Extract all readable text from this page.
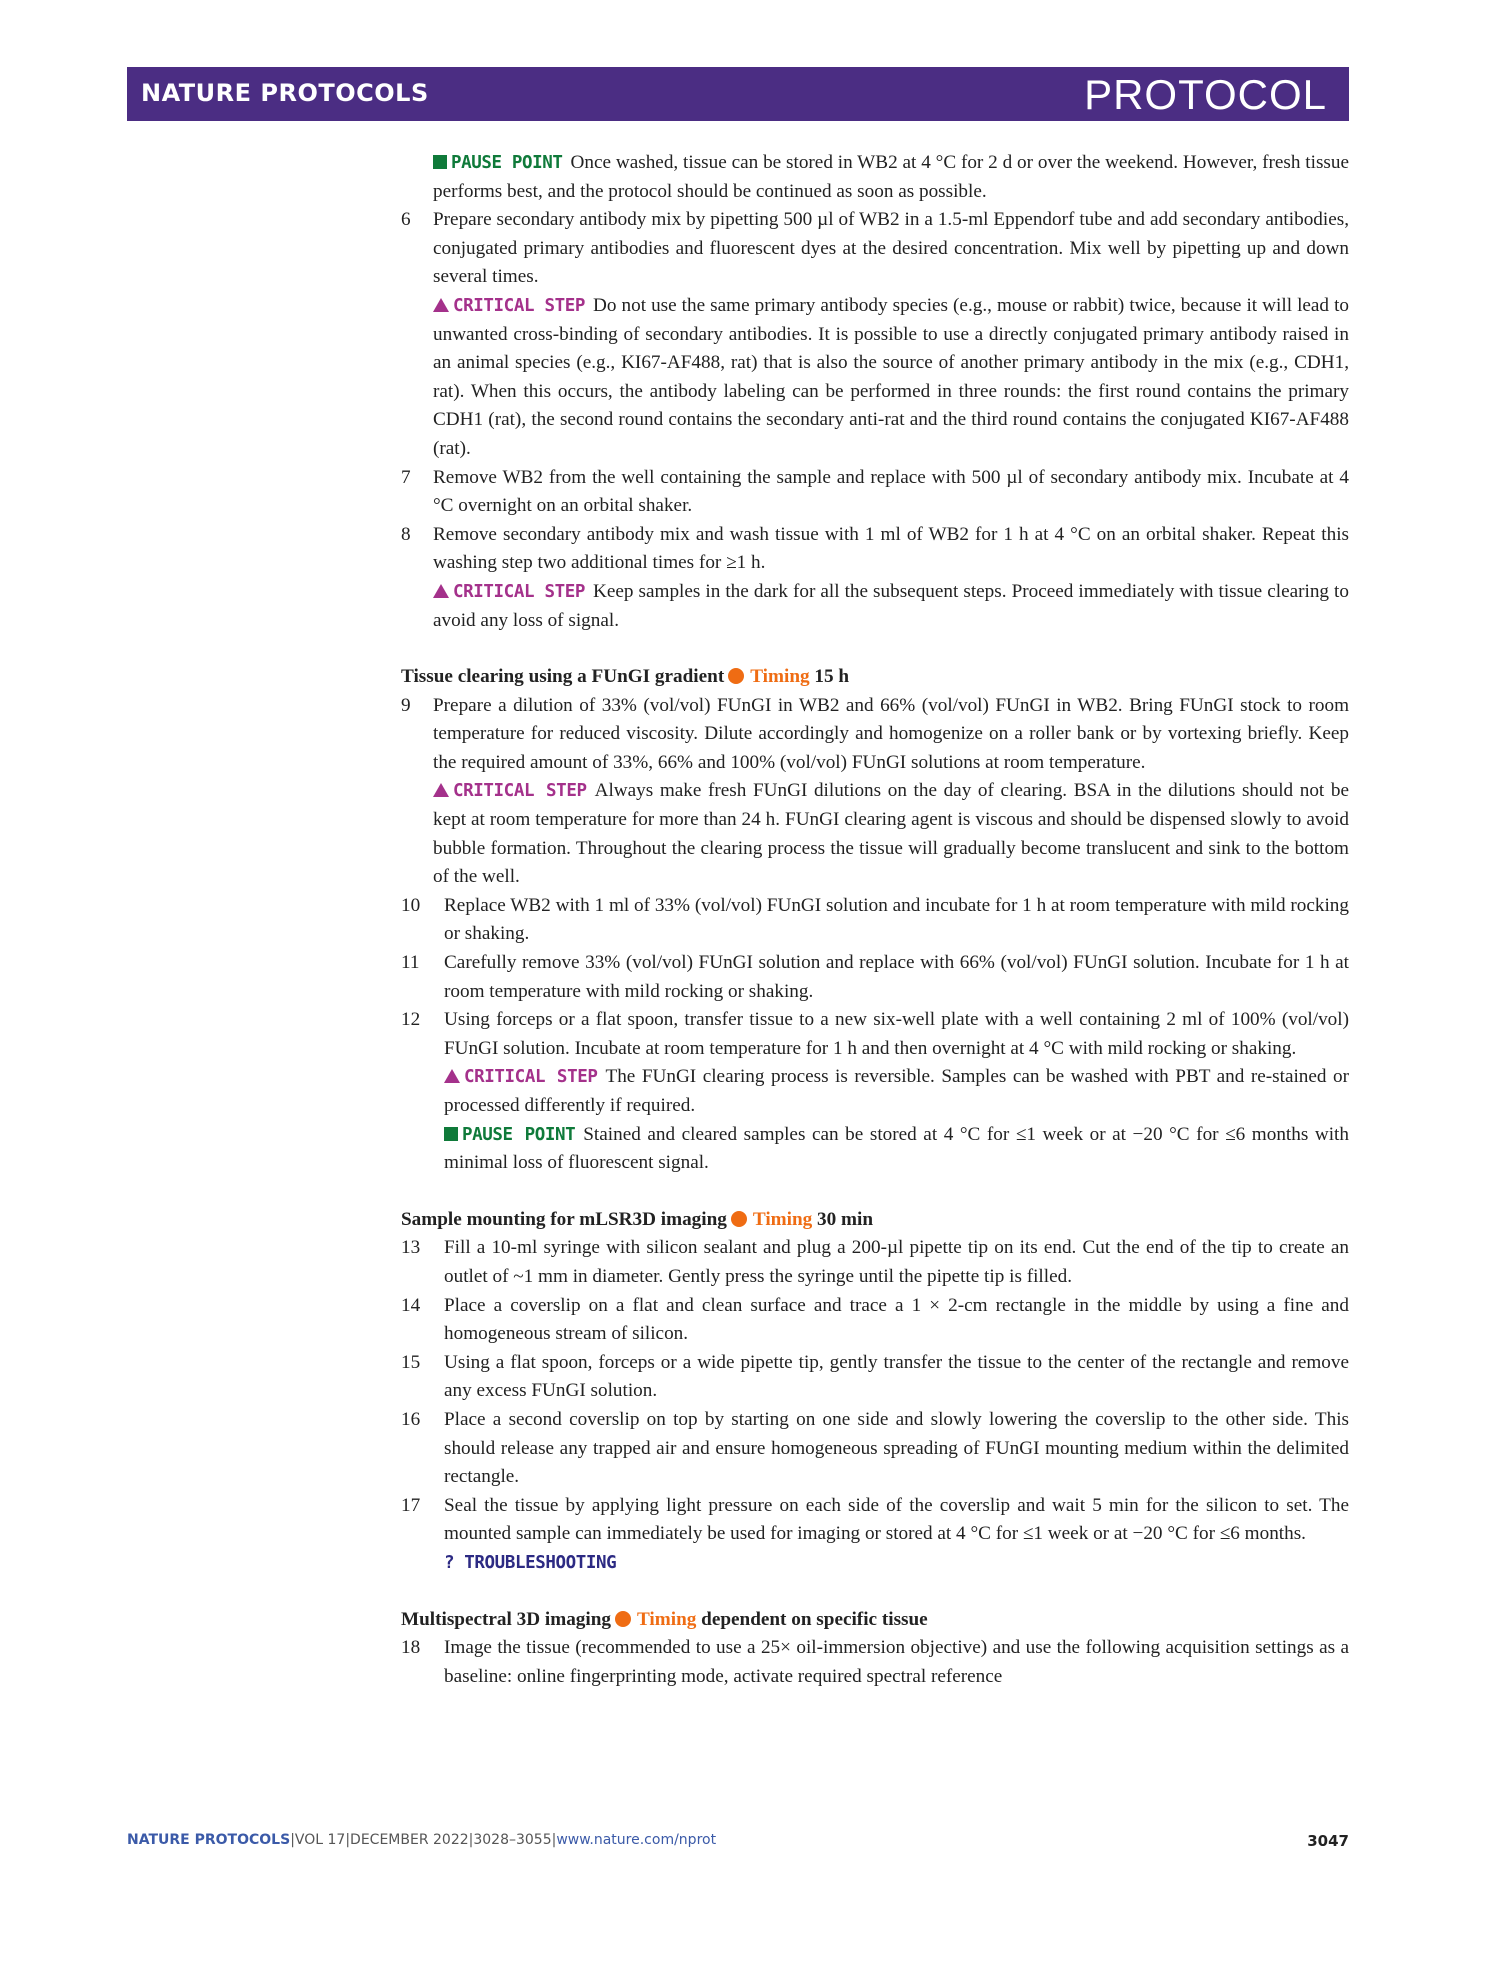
NATURE PROTOCOLS	PROTOCOL
PAUSE POINT Once washed, tissue can be stored in WB2 at 4 °C for 2 d or over the weekend. However, fresh tissue performs best, and the protocol should be continued as soon as possible.
6 Prepare secondary antibody mix by pipetting 500 µl of WB2 in a 1.5-ml Eppendorf tube and add secondary antibodies, conjugated primary antibodies and fluorescent dyes at the desired concentration. Mix well by pipetting up and down several times.
CRITICAL STEP Do not use the same primary antibody species (e.g., mouse or rabbit) twice, because it will lead to unwanted cross-binding of secondary antibodies. It is possible to use a directly conjugated primary antibody raised in an animal species (e.g., KI67-AF488, rat) that is also the source of another primary antibody in the mix (e.g., CDH1, rat). When this occurs, the antibody labeling can be performed in three rounds: the first round contains the primary CDH1 (rat), the second round contains the secondary anti-rat and the third round contains the conjugated KI67-AF488 (rat).
7 Remove WB2 from the well containing the sample and replace with 500 µl of secondary antibody mix. Incubate at 4 °C overnight on an orbital shaker.
8 Remove secondary antibody mix and wash tissue with 1 ml of WB2 for 1 h at 4 °C on an orbital shaker. Repeat this washing step two additional times for ≥1 h.
CRITICAL STEP Keep samples in the dark for all the subsequent steps. Proceed immediately with tissue clearing to avoid any loss of signal.
Tissue clearing using a FUnGI gradient Timing 15 h
9 Prepare a dilution of 33% (vol/vol) FUnGI in WB2 and 66% (vol/vol) FUnGI in WB2. Bring FUnGI stock to room temperature for reduced viscosity. Dilute accordingly and homogenize on a roller bank or by vortexing briefly. Keep the required amount of 33%, 66% and 100% (vol/vol) FUnGI solutions at room temperature.
CRITICAL STEP Always make fresh FUnGI dilutions on the day of clearing. BSA in the dilutions should not be kept at room temperature for more than 24 h. FUnGI clearing agent is viscous and should be dispensed slowly to avoid bubble formation. Throughout the clearing process the tissue will gradually become translucent and sink to the bottom of the well.
10 Replace WB2 with 1 ml of 33% (vol/vol) FUnGI solution and incubate for 1 h at room temperature with mild rocking or shaking.
11 Carefully remove 33% (vol/vol) FUnGI solution and replace with 66% (vol/vol) FUnGI solution. Incubate for 1 h at room temperature with mild rocking or shaking.
12 Using forceps or a flat spoon, transfer tissue to a new six-well plate with a well containing 2 ml of 100% (vol/vol) FUnGI solution. Incubate at room temperature for 1 h and then overnight at 4 °C with mild rocking or shaking.
CRITICAL STEP The FUnGI clearing process is reversible. Samples can be washed with PBT and re-stained or processed differently if required.
PAUSE POINT Stained and cleared samples can be stored at 4 °C for ≤1 week or at −20 °C for ≤6 months with minimal loss of fluorescent signal.
Sample mounting for mLSR3D imaging Timing 30 min
13 Fill a 10-ml syringe with silicon sealant and plug a 200-µl pipette tip on its end. Cut the end of the tip to create an outlet of ~1 mm in diameter. Gently press the syringe until the pipette tip is filled.
14 Place a coverslip on a flat and clean surface and trace a 1 × 2-cm rectangle in the middle by using a fine and homogeneous stream of silicon.
15 Using a flat spoon, forceps or a wide pipette tip, gently transfer the tissue to the center of the rectangle and remove any excess FUnGI solution.
16 Place a second coverslip on top by starting on one side and slowly lowering the coverslip to the other side. This should release any trapped air and ensure homogeneous spreading of FUnGI mounting medium within the delimited rectangle.
17 Seal the tissue by applying light pressure on each side of the coverslip and wait 5 min for the silicon to set. The mounted sample can immediately be used for imaging or stored at 4 °C for ≤1 week or at −20 °C for ≤6 months.
? TROUBLESHOOTING
Multispectral 3D imaging Timing dependent on specific tissue
18 Image the tissue (recommended to use a 25× oil-immersion objective) and use the following acquisition settings as a baseline: online fingerprinting mode, activate required spectral reference
NATURE PROTOCOLS|VOL 17|DECEMBER 2022|3028–3055|www.nature.com/nprot	3047
